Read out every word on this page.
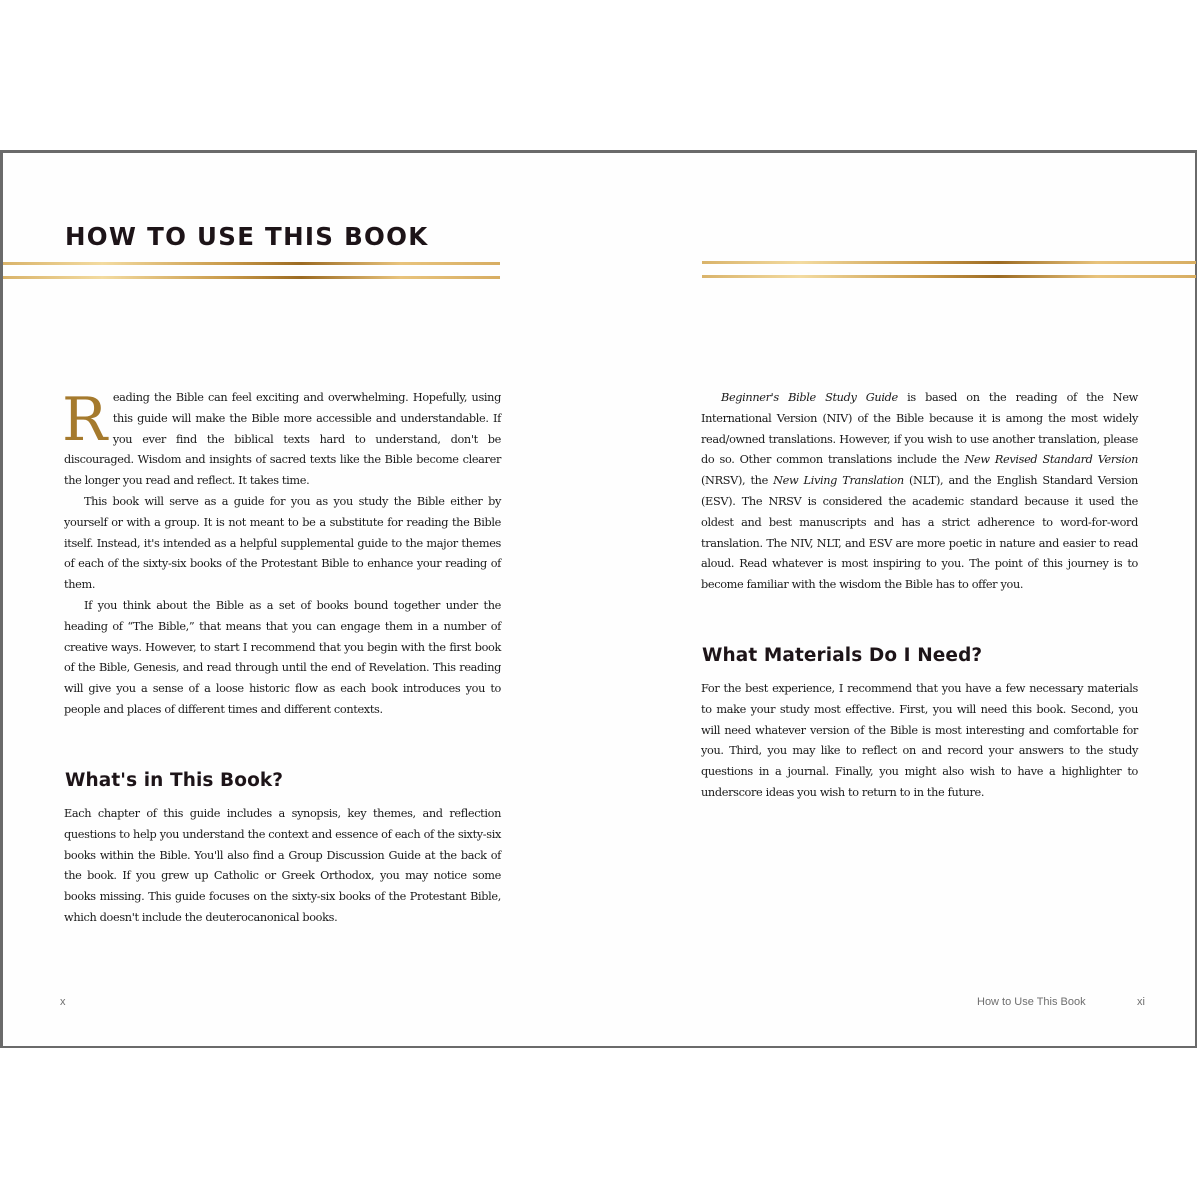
HOW TO USE THIS BOOK

Reading the Bible can feel exciting and overwhelming. Hopefully, using this guide will make the Bible more accessible and understandable. If you ever find the biblical texts hard to understand, don't be discouraged. Wisdom and insights of sacred texts like the Bible become clearer the longer you read and reflect. It takes time.

This book will serve as a guide for you as you study the Bible either by yourself or with a group. It is not meant to be a substitute for reading the Bible itself. Instead, it's intended as a helpful supplemental guide to the major themes of each of the sixty-six books of the Protestant Bible to enhance your reading of them.

If you think about the Bible as a set of books bound together under the heading of “The Bible,” that means that you can engage them in a number of creative ways. However, to start I recommend that you begin with the first book of the Bible, Genesis, and read through until the end of Revelation. This reading will give you a sense of a loose historic flow as each book introduces you to people and places of different times and different contexts.

What's in This Book?

Each chapter of this guide includes a synopsis, key themes, and reflection questions to help you understand the context and essence of each of the sixty-six books within the Bible. You'll also find a Group Discussion Guide at the back of the book. If you grew up Catholic or Greek Orthodox, you may notice some books missing. This guide focuses on the sixty-six books of the Protestant Bible, which doesn't include the deuterocanonical books.

x

Beginner's Bible Study Guide is based on the reading of the New International Version (NIV) of the Bible because it is among the most widely read/owned translations. However, if you wish to use another translation, please do so. Other common translations include the New Revised Standard Version (NRSV), the New Living Translation (NLT), and the English Standard Version (ESV). The NRSV is considered the academic standard because it used the oldest and best manuscripts and has a strict adherence to word-for-word translation. The NIV, NLT, and ESV are more poetic in nature and easier to read aloud. Read whatever is most inspiring to you. The point of this journey is to become familiar with the wisdom the Bible has to offer you.

What Materials Do I Need?

For the best experience, I recommend that you have a few necessary materials to make your study most effective. First, you will need this book. Second, you will need whatever version of the Bible is most interesting and comfortable for you. Third, you may like to reflect on and record your answers to the study questions in a journal. Finally, you might also wish to have a highlighter to underscore ideas you wish to return to in the future.

How to Use This Book	xi
